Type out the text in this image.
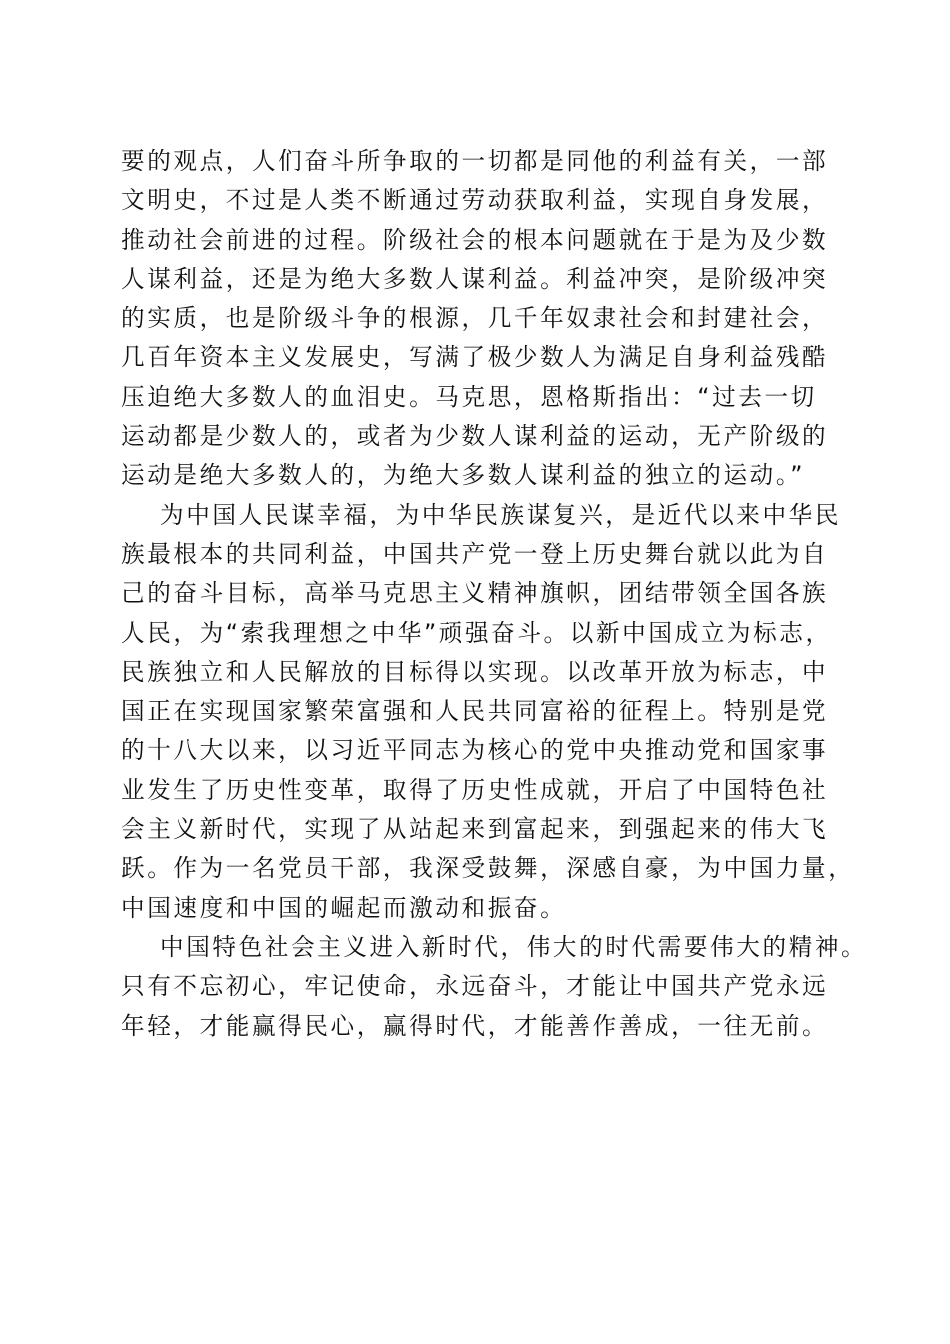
要的观点，人们奋斗所争取的一切都是同他的利益有关，一部
文明史，不过是人类不断通过劳动获取利益，实现自身发展，
推动社会前进的过程。阶级社会的根本问题就在于是为及少数
人谋利益，还是为绝大多数人谋利益。利益冲突，是阶级冲突
的实质，也是阶级斗争的根源，几千年奴隶社会和封建社会，
几百年资本主义发展史，写满了极少数人为满足自身利益残酷
压迫绝大多数人的血泪史。马克思，恩格斯指出：“过去一切
运动都是少数人的，或者为少数人谋利益的运动，无产阶级的
运动是绝大多数人的，为绝大多数人谋利益的独立的运动。”
为中国人民谋幸福，为中华民族谋复兴，是近代以来中华民
族最根本的共同利益，中国共产党一登上历史舞台就以此为自
己的奋斗目标，高举马克思主义精神旗帜，团结带领全国各族
人民，为“索我理想之中华”顽强奋斗。以新中国成立为标志，
民族独立和人民解放的目标得以实现。以改革开放为标志，中
国正在实现国家繁荣富强和人民共同富裕的征程上。特别是党
的十八大以来，以习近平同志为核心的党中央推动党和国家事
业发生了历史性变革，取得了历史性成就，开启了中国特色社
会主义新时代，实现了从站起来到富起来，到强起来的伟大飞
跃。作为一名党员干部，我深受鼓舞，深感自豪，为中国力量，
中国速度和中国的崛起而激动和振奋。
中国特色社会主义进入新时代，伟大的时代需要伟大的精神。
只有不忘初心，牢记使命，永远奋斗，才能让中国共产党永远
年轻，才能赢得民心，赢得时代，才能善作善成，一往无前。
